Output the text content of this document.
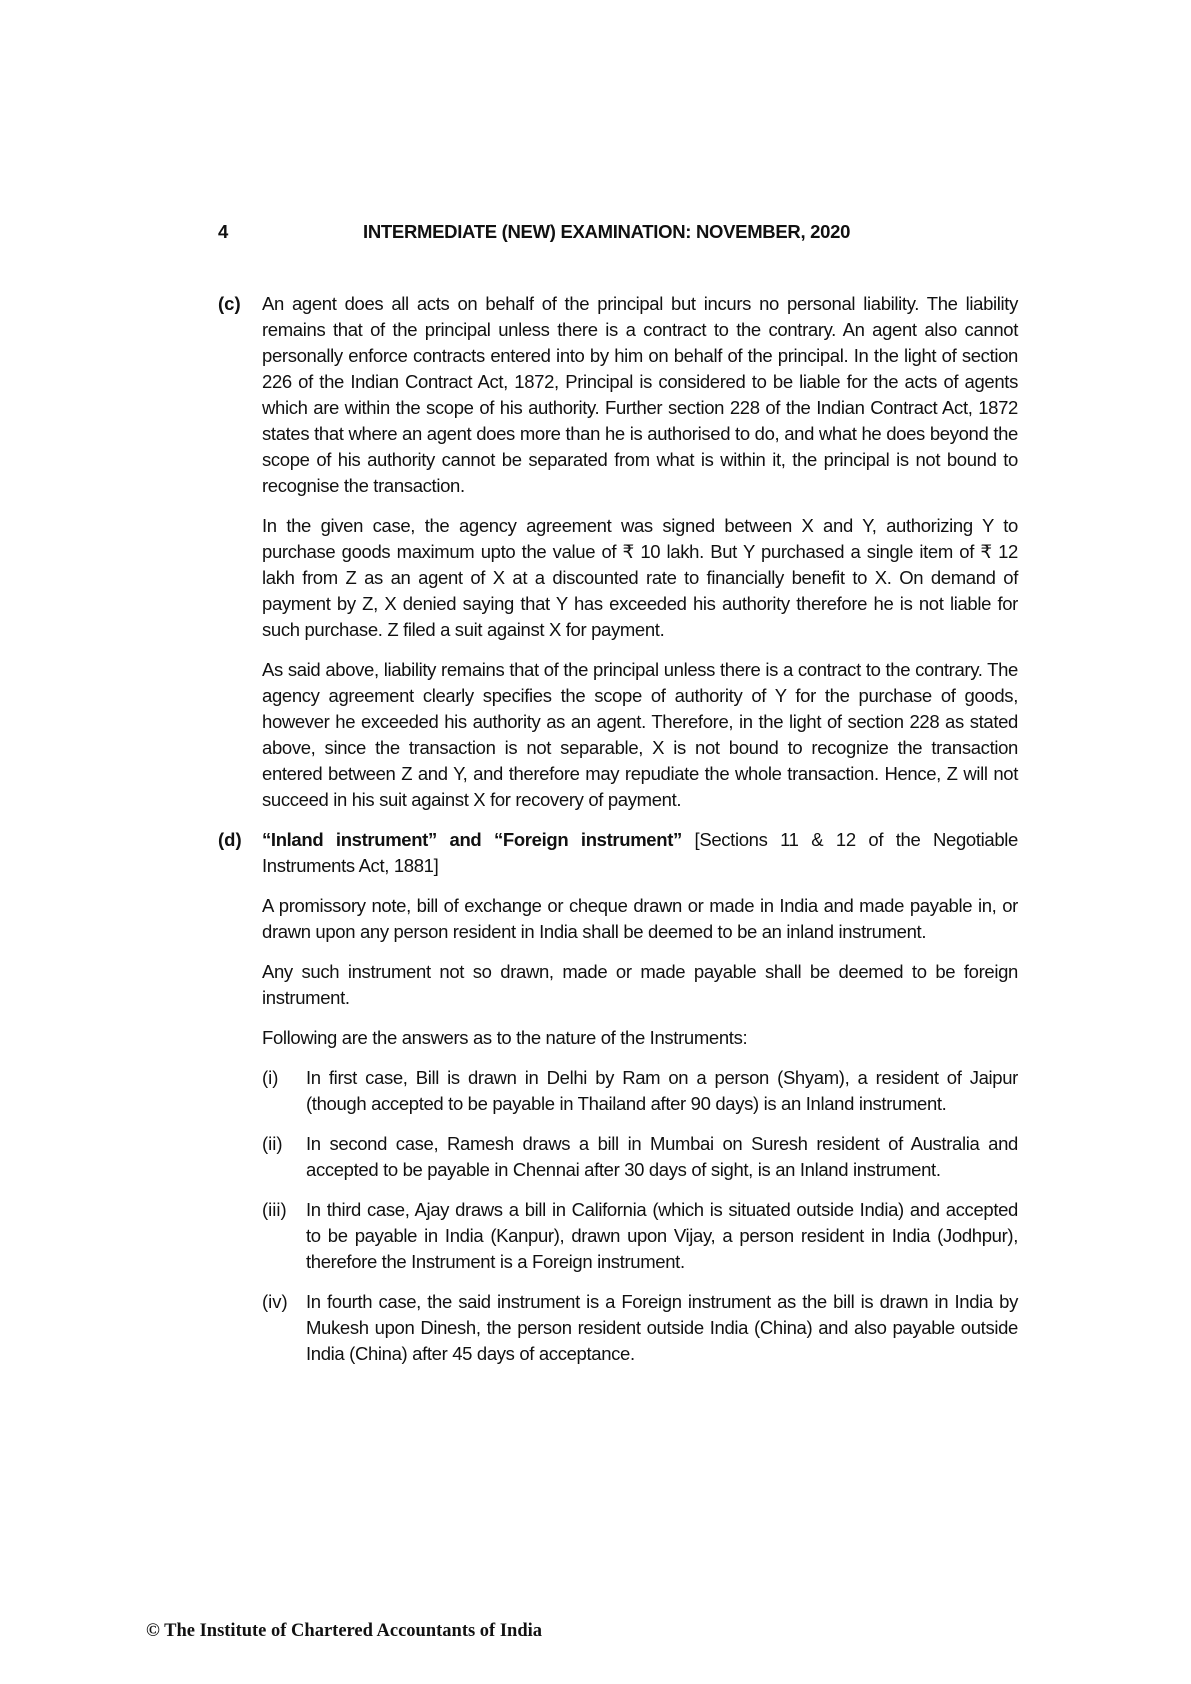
4	INTERMEDIATE (NEW) EXAMINATION: NOVEMBER, 2020
(c) An agent does all acts on behalf of the principal but incurs no personal liability. The liability remains that of the principal unless there is a contract to the contrary. An agent also cannot personally enforce contracts entered into by him on behalf of the principal. In the light of section 226 of the Indian Contract Act, 1872, Principal is considered to be liable for the acts of agents which are within the scope of his authority. Further section 228 of the Indian Contract Act, 1872 states that where an agent does more than he is authorised to do, and what he does beyond the scope of his authority cannot be separated from what is within it, the principal is not bound to recognise the transaction.

In the given case, the agency agreement was signed between X and Y, authorizing Y to purchase goods maximum upto the value of ₹ 10 lakh. But Y purchased a single item of ₹ 12 lakh from Z as an agent of X at a discounted rate to financially benefit to X. On demand of payment by Z, X denied saying that Y has exceeded his authority therefore he is not liable for such purchase. Z filed a suit against X for payment.

As said above, liability remains that of the principal unless there is a contract to the contrary. The agency agreement clearly specifies the scope of authority of Y for the purchase of goods, however he exceeded his authority as an agent. Therefore, in the light of section 228 as stated above, since the transaction is not separable, X is not bound to recognize the transaction entered between Z and Y, and therefore may repudiate the whole transaction. Hence, Z will not succeed in his suit against X for recovery of payment.

(d) “Inland instrument” and “Foreign instrument” [Sections 11 & 12 of the Negotiable Instruments Act, 1881]

A promissory note, bill of exchange or cheque drawn or made in India and made payable in, or drawn upon any person resident in India shall be deemed to be an inland instrument.

Any such instrument not so drawn, made or made payable shall be deemed to be foreign instrument.

Following are the answers as to the nature of the Instruments:

(i) In first case, Bill is drawn in Delhi by Ram on a person (Shyam), a resident of Jaipur (though accepted to be payable in Thailand after 90 days) is an Inland instrument.

(ii) In second case, Ramesh draws a bill in Mumbai on Suresh resident of Australia and accepted to be payable in Chennai after 30 days of sight, is an Inland instrument.

(iii) In third case, Ajay draws a bill in California (which is situated outside India) and accepted to be payable in India (Kanpur), drawn upon Vijay, a person resident in India (Jodhpur), therefore the Instrument is a Foreign instrument.

(iv) In fourth case, the said instrument is a Foreign instrument as the bill is drawn in India by Mukesh upon Dinesh, the person resident outside India (China) and also payable outside India (China) after 45 days of acceptance.

© The Institute of Chartered Accountants of India
